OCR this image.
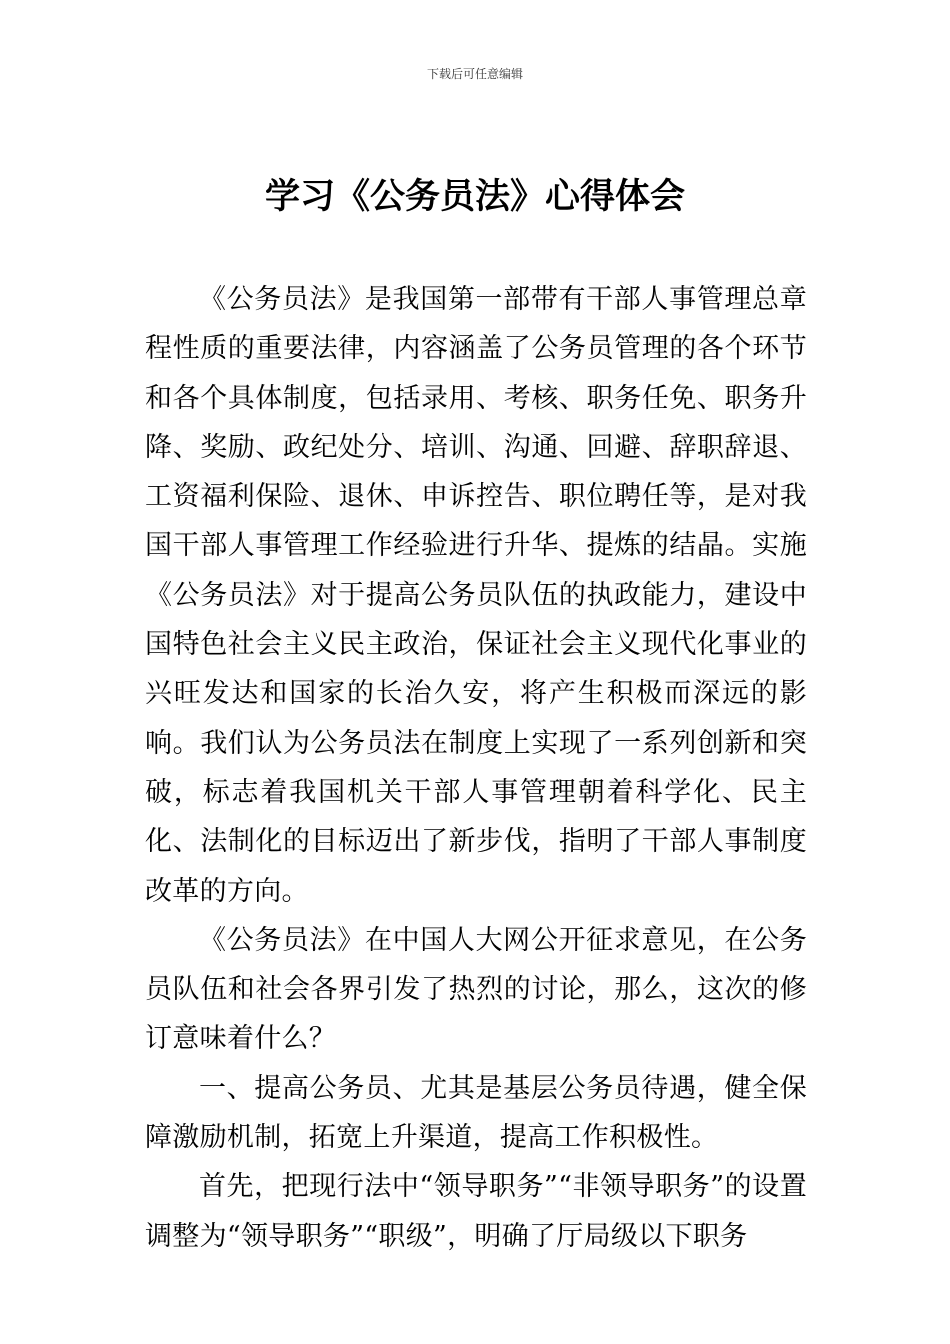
下载后可任意编辑
学习《公务员法》心得体会

《公务员法》是我国第一部带有干部人事管理总章程性质的重要法律，内容涵盖了公务员管理的各个环节和各个具体制度，包括录用、考核、职务任免、职务升降、奖励、政纪处分、培训、沟通、回避、辞职辞退、工资福利保险、退休、申诉控告、职位聘任等，是对我国干部人事管理工作经验进行升华、提炼的结晶。实施《公务员法》对于提高公务员队伍的执政能力，建设中国特色社会主义民主政治，保证社会主义现代化事业的兴旺发达和国家的长治久安，将产生积极而深远的影响。我们认为公务员法在制度上实现了一系列创新和突破，标志着我国机关干部人事管理朝着科学化、民主化、法制化的目标迈出了新步伐，指明了干部人事制度改革的方向。

《公务员法》在中国人大网公开征求意见，在公务员队伍和社会各界引发了热烈的讨论，那么，这次的修订意味着什么？

一、提高公务员、尤其是基层公务员待遇，健全保障激励机制，拓宽上升渠道，提高工作积极性。

首先，把现行法中“领导职务”“非领导职务”的设置调整为“领导职务”“职级”，明确了厅局级以下职务
